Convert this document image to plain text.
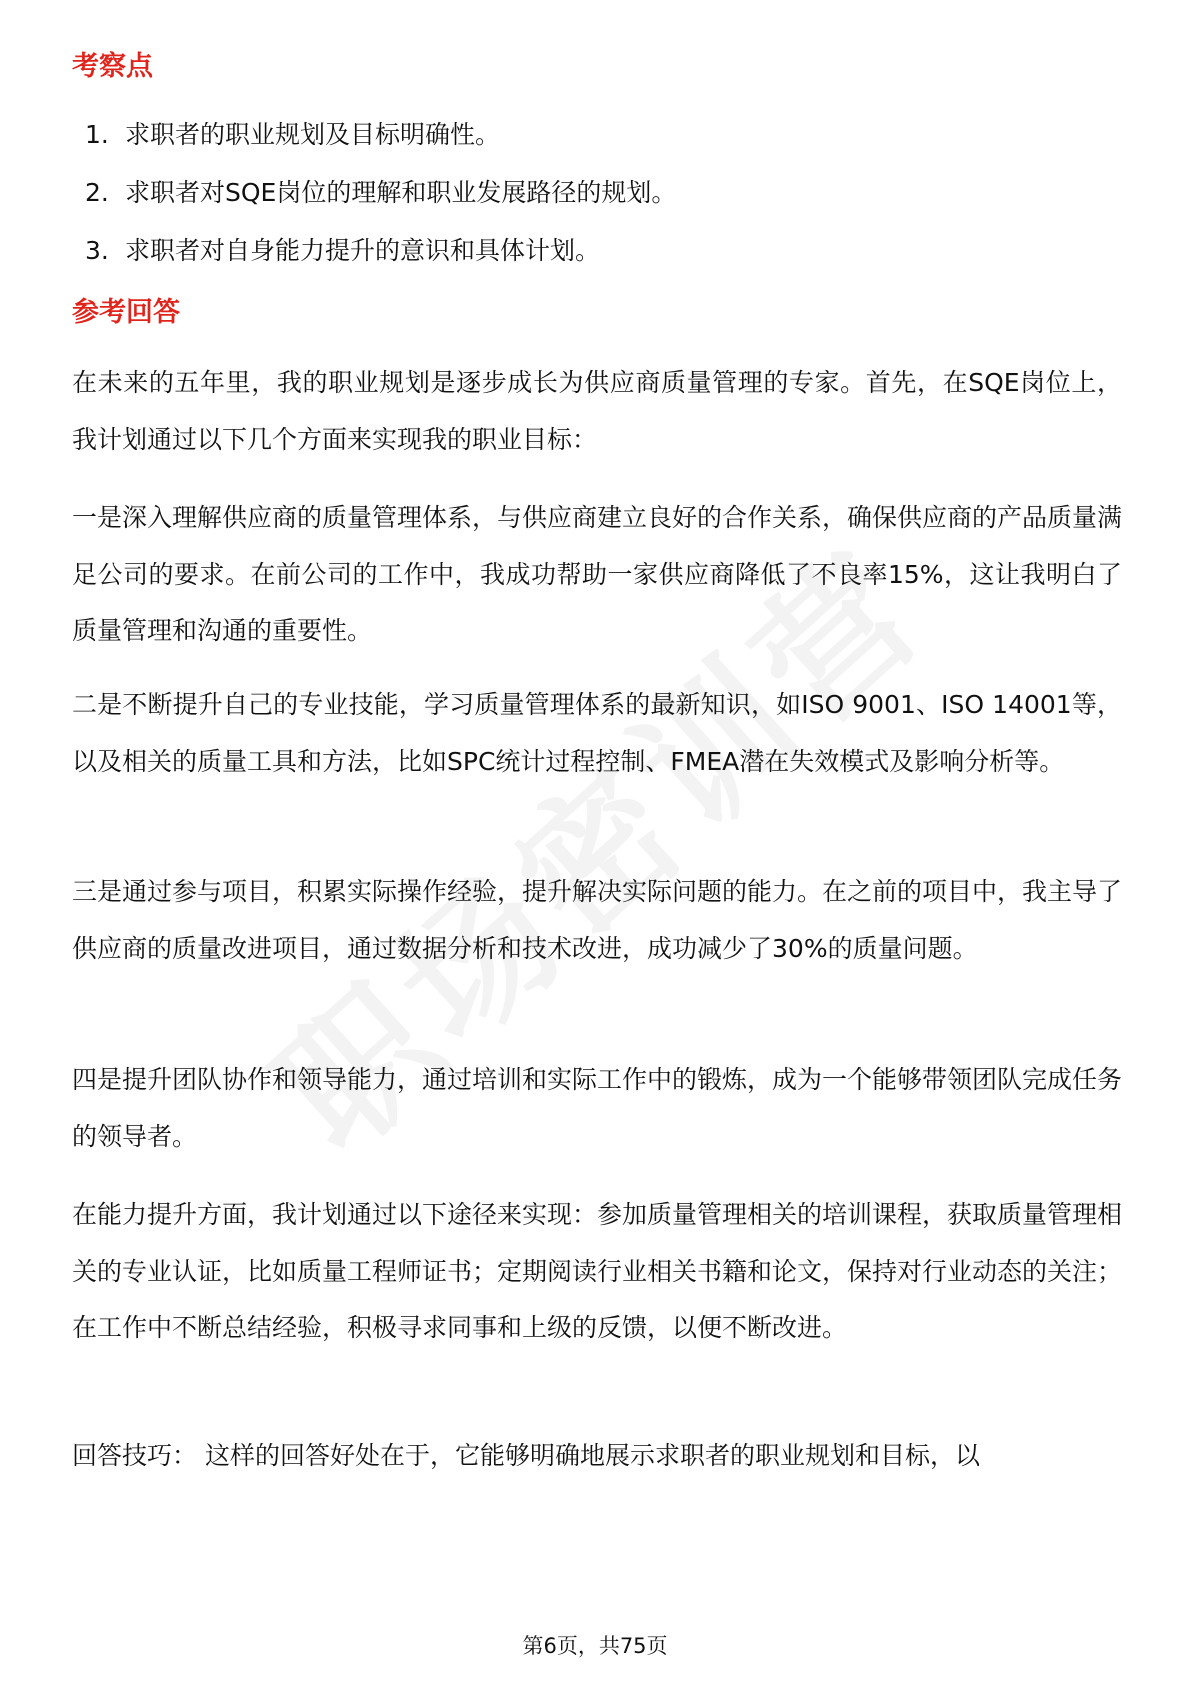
考察点
1. 求职者的职业规划及目标明确性。
2. 求职者对SQE岗位的理解和职业发展路径的规划。
3. 求职者对自身能力提升的意识和具体计划。
参考回答

在未来的五年里，我的职业规划是逐步成长为供应商质量管理的专家。首先，在SQE岗位上，我计划通过以下几个方面来实现我的职业目标：

一是深入理解供应商的质量管理体系，与供应商建立良好的合作关系，确保供应商的产品质量满足公司的要求。在前公司的工作中，我成功帮助一家供应商降低了不良率15%，这让我明白了质量管理和沟通的重要性。

二是不断提升自己的专业技能，学习质量管理体系的最新知识，如ISO 9001、ISO 14001等，以及相关的质量工具和方法，比如SPC统计过程控制、FMEA潜在失效模式及影响分析等。

三是通过参与项目，积累实际操作经验，提升解决实际问题的能力。在之前的项目中，我主导了供应商的质量改进项目，通过数据分析和技术改进，成功减少了30%的质量问题。

四是提升团队协作和领导能力，通过培训和实际工作中的锻炼，成为一个能够带领团队完成任务的领导者。

在能力提升方面，我计划通过以下途径来实现：参加质量管理相关的培训课程，获取质量管理相关的专业认证，比如质量工程师证书；定期阅读行业相关书籍和论文，保持对行业动态的关注；在工作中不断总结经验，积极寻求同事和上级的反馈，以便不断改进。

回答技巧： 这样的回答好处在于，它能够明确地展示求职者的职业规划和目标，以

第6页，共75页
